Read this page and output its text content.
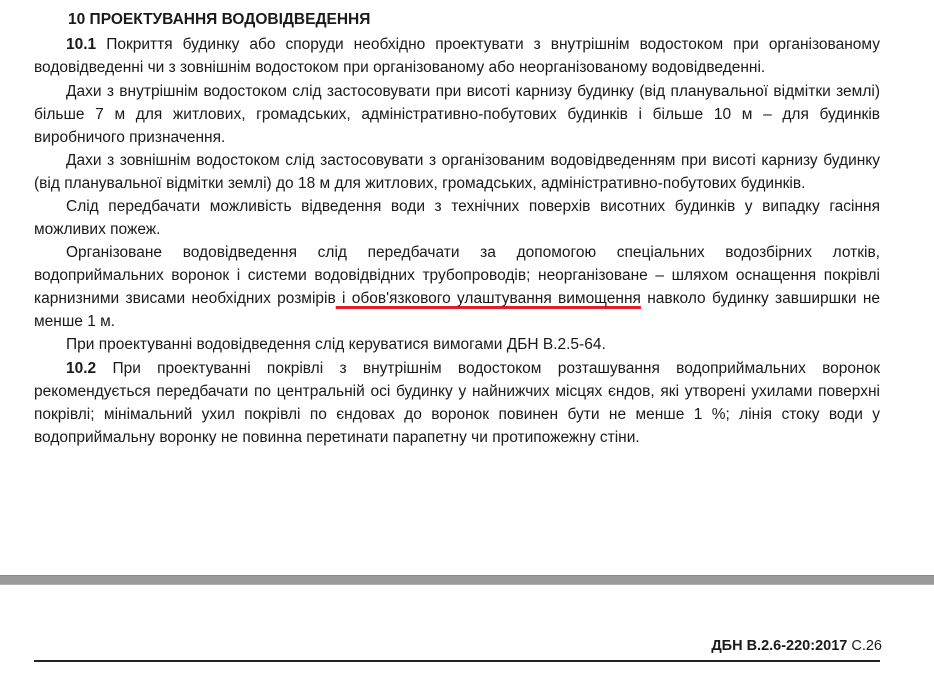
10 ПРОЕКТУВАННЯ ВОДОВІДВЕДЕННЯ

10.1 Покриття будинку або споруди необхідно проектувати з внутрішнім водостоком при організованому водовідведенні чи з зовнішнім водостоком при організованому або неорганізованому водовідведенні.

Дахи з внутрішнім водостоком слід застосовувати при висоті карнизу будинку (від планувальної відмітки землі) більше 7 м для житлових, громадських, адміністративно-побутових будинків і більше 10 м – для будинків виробничого призначення.

Дахи з зовнішнім водостоком слід застосовувати з організованим водовідведенням при висоті карнизу будинку (від планувальної відмітки землі) до 18 м для житлових, громадських, адміністративно-побутових будинків.

Слід передбачати можливість відведення води з технічних поверхів висотних будинків у випадку гасіння можливих пожеж.

Організоване водовідведення слід передбачати за допомогою спеціальних водозбірних лотків, водоприймальних воронок і системи водовідвідних трубопроводів; неорганізоване – шляхом оснащення покрівлі карнизними звисами необхідних розмірів і обов'язкового улаштування вимощення навколо будинку завширшки не менше 1 м.

При проектуванні водовідведення слід керуватися вимогами ДБН В.2.5-64.

10.2 При проектуванні покрівлі з внутрішнім водостоком розташування водоприймальних воронок рекомендується передбачати по центральній осі будинку у найнижчих місцях єндов, які утворені ухилами поверхні покрівлі; мінімальний ухил покрівлі по єндовах до воронок повинен бути не менше 1 %; лінія стоку води у водоприймальну воронку не повинна перетинати парапетну чи протипожежну стіни.

ДБН В.2.6-220:2017 С.26
